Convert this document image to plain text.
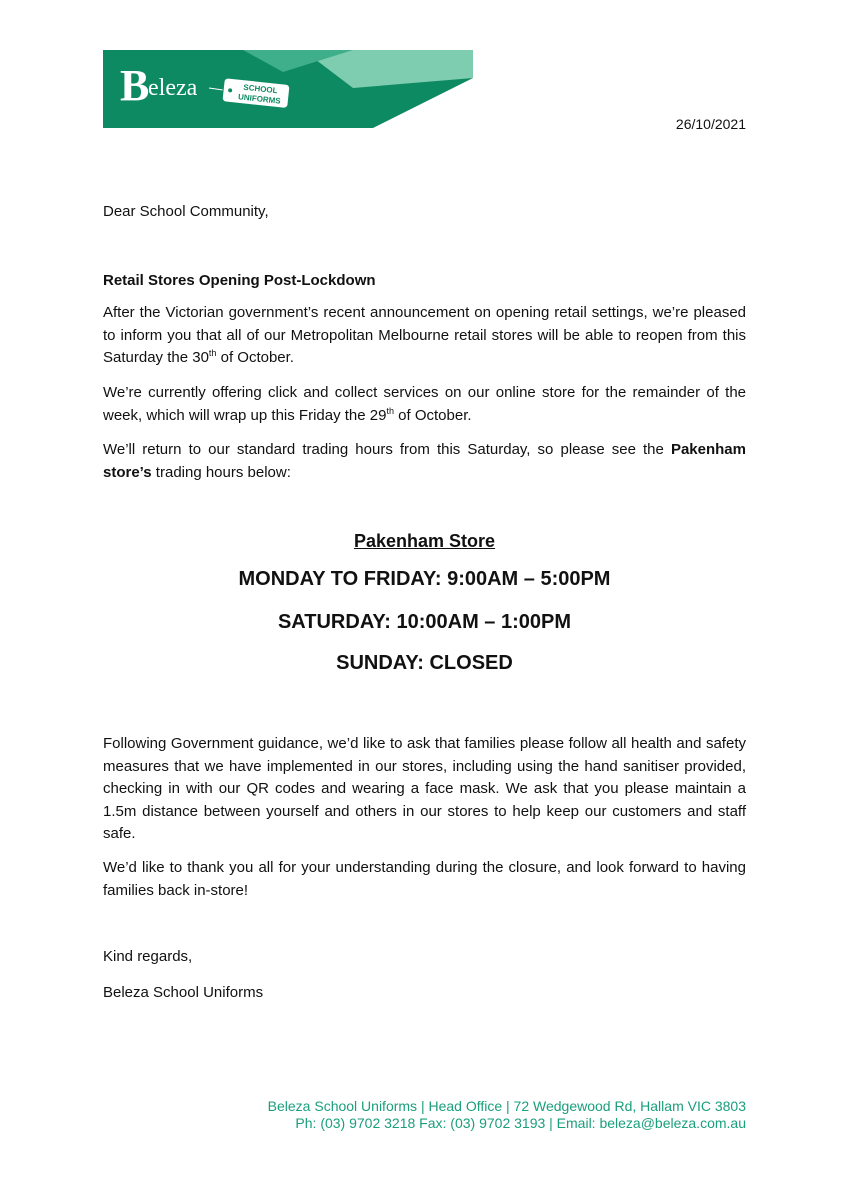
B
eleza	SCHOOL
UNIFORMS
26/10/2021
Dear School Community,
Retail Stores Opening Post-Lockdown

After the Victorian government’s recent announcement on opening retail settings, we’re pleased to inform you that all of our Metropolitan Melbourne retail stores will be able to reopen from this Saturday the 30th of October.

We’re currently offering click and collect services on our online store for the remainder of the week, which will wrap up this Friday the 29th of October.

We’ll return to our standard trading hours from this Saturday, so please see the Pakenham store’s trading hours below:

Pakenham Store
MONDAY TO FRIDAY: 9:00AM – 5:00PM
SATURDAY: 10:00AM – 1:00PM
SUNDAY: CLOSED

Following Government guidance, we’d like to ask that families please follow all health and safety measures that we have implemented in our stores, including using the hand sanitiser provided, checking in with our QR codes and wearing a face mask. We ask that you please maintain a 1.5m distance between yourself and others in our stores to help keep our customers and staff safe.

We’d like to thank you all for your understanding during the closure, and look forward to having families back in-store!

Kind regards,
Beleza School Uniforms
Beleza School Uniforms | Head Office | 72 Wedgewood Rd, Hallam VIC 3803
Ph: (03) 9702 3218 Fax: (03) 9702 3193 | Email: beleza@beleza.com.au
